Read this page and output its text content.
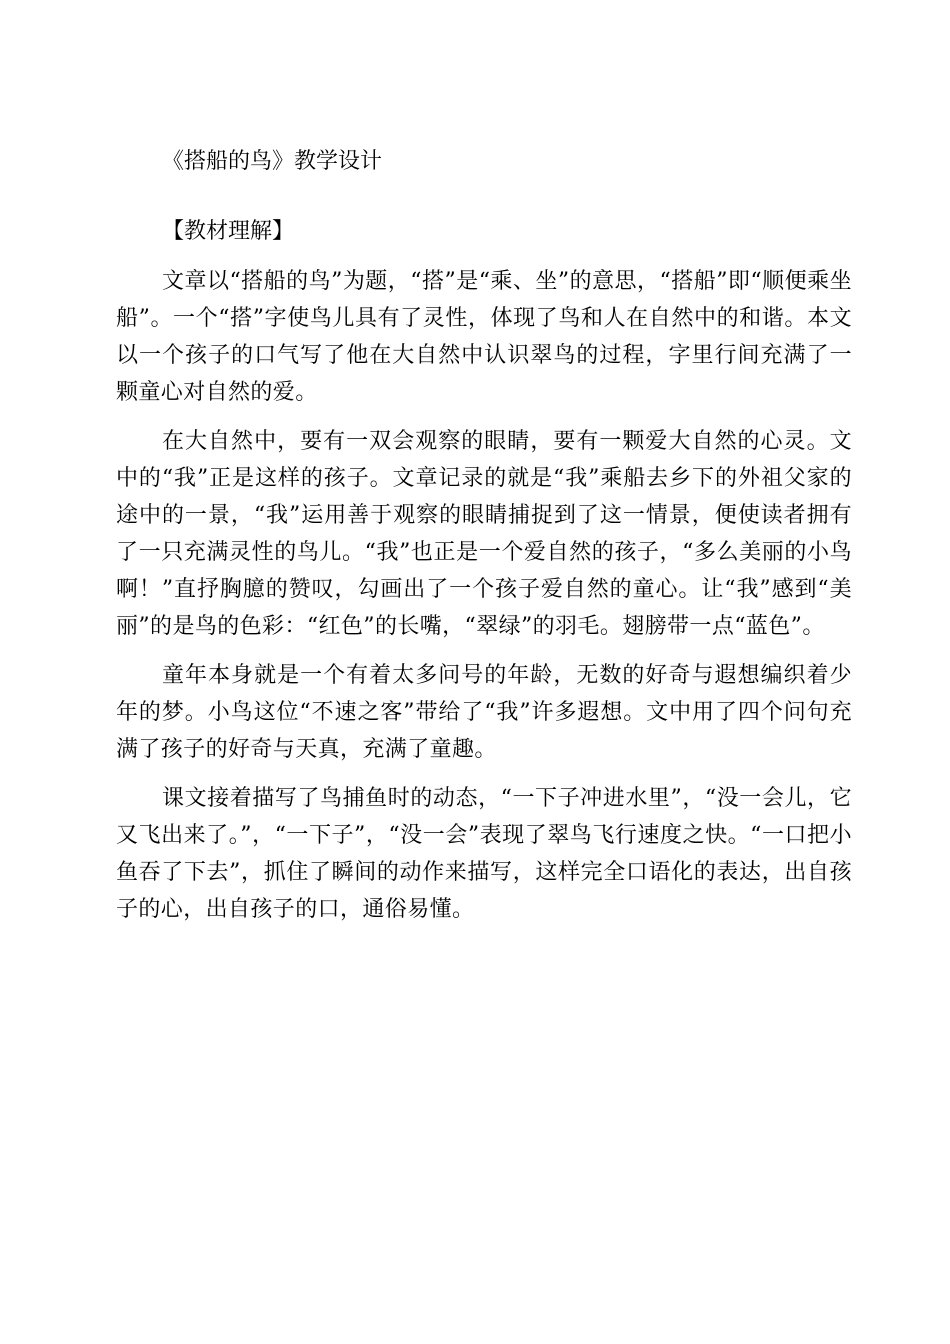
《搭船的鸟》教学设计
【教材理解】

文章以“搭船的鸟”为题，“搭”是“乘、坐”的意思，“搭船”即“顺便乘坐船”。一个“搭”字使鸟儿具有了灵性，体现了鸟和人在自然中的和谐。本文以一个孩子的口气写了他在大自然中认识翠鸟的过程，字里行间充满了一颗童心对自然的爱。

在大自然中，要有一双会观察的眼睛，要有一颗爱大自然的心灵。文中的“我”正是这样的孩子。文章记录的就是“我”乘船去乡下的外祖父家的途中的一景，“我”运用善于观察的眼睛捕捉到了这一情景，便使读者拥有了一只充满灵性的鸟儿。“我”也正是一个爱自然的孩子，“多么美丽的小鸟啊！”直抒胸臆的赞叹，勾画出了一个孩子爱自然的童心。让“我”感到“美丽”的是鸟的色彩：“红色”的长嘴，“翠绿”的羽毛。翅膀带一点“蓝色”。

童年本身就是一个有着太多问号的年龄，无数的好奇与遐想编织着少年的梦。小鸟这位“不速之客”带给了“我”许多遐想。文中用了四个问句充满了孩子的好奇与天真，充满了童趣。

课文接着描写了鸟捕鱼时的动态，“一下子冲进水里”，“没一会儿，它又飞出来了。”，“一下子”，“没一会”表现了翠鸟飞行速度之快。“一口把小鱼吞了下去”，抓住了瞬间的动作来描写，这样完全口语化的表达，出自孩子的心，出自孩子的口，通俗易懂。
